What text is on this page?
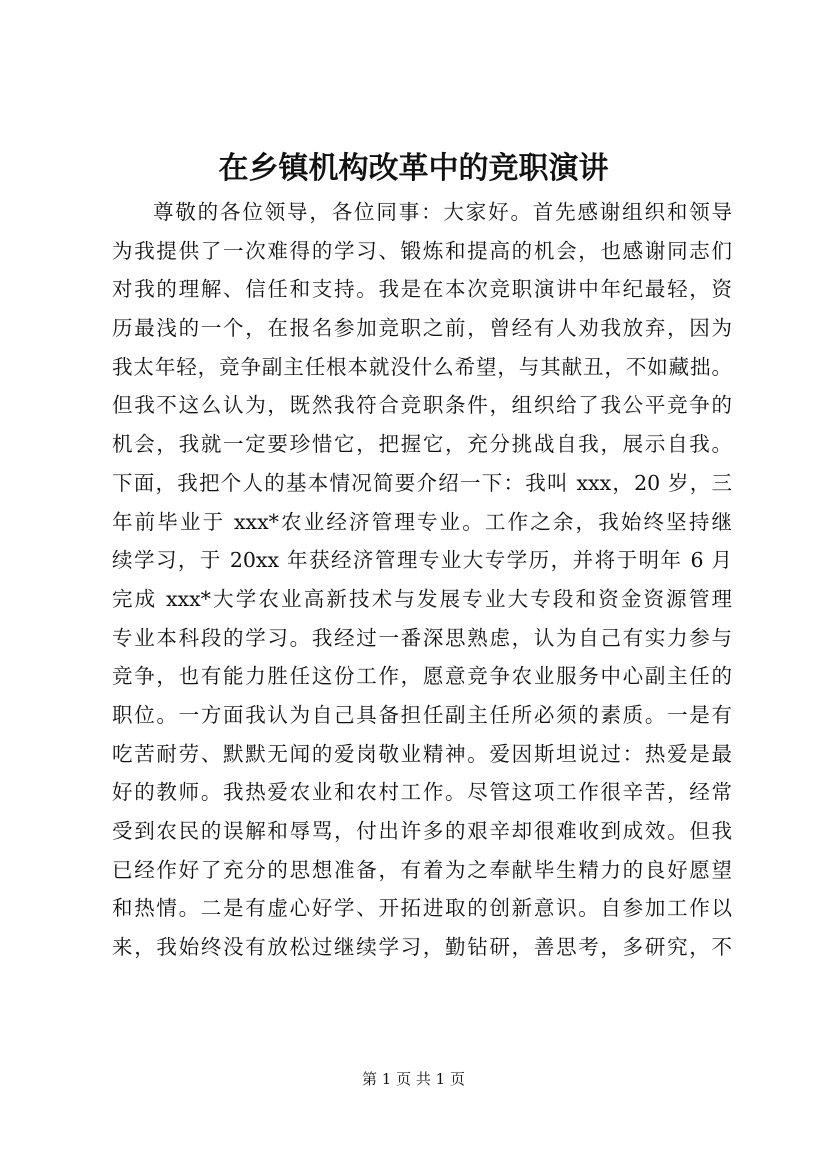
在乡镇机构改革中的竞职演讲
尊敬的各位领导，各位同事：大家好。首先感谢组织和领导
为我提供了一次难得的学习、锻炼和提高的机会，也感谢同志们
对我的理解、信任和支持。我是在本次竞职演讲中年纪最轻，资
历最浅的一个，在报名参加竞职之前，曾经有人劝我放弃，因为
我太年轻，竞争副主任根本就没什么希望，与其献丑，不如藏拙。
但我不这么认为，既然我符合竞职条件，组织给了我公平竞争的
机会，我就一定要珍惜它，把握它，充分挑战自我，展示自我。
下面，我把个人的基本情况简要介绍一下：我叫 xxx，20 岁，三
年前毕业于 xxx*农业经济管理专业。工作之余，我始终坚持继
续学习，于 20xx 年获经济管理专业大专学历，并将于明年 6 月
完成 xxx*大学农业高新技术与发展专业大专段和资金资源管理
专业本科段的学习。我经过一番深思熟虑，认为自己有实力参与
竞争，也有能力胜任这份工作，愿意竞争农业服务中心副主任的
职位。一方面我认为自己具备担任副主任所必须的素质。一是有
吃苦耐劳、默默无闻的爱岗敬业精神。爱因斯坦说过：热爱是最
好的教师。我热爱农业和农村工作。尽管这项工作很辛苦，经常
受到农民的误解和辱骂，付出许多的艰辛却很难收到成效。但我
已经作好了充分的思想准备，有着为之奉献毕生精力的良好愿望
和热情。二是有虚心好学、开拓进取的创新意识。自参加工作以
来，我始终没有放松过继续学习，勤钻研，善思考，多研究，不
第 1 页 共 1 页
